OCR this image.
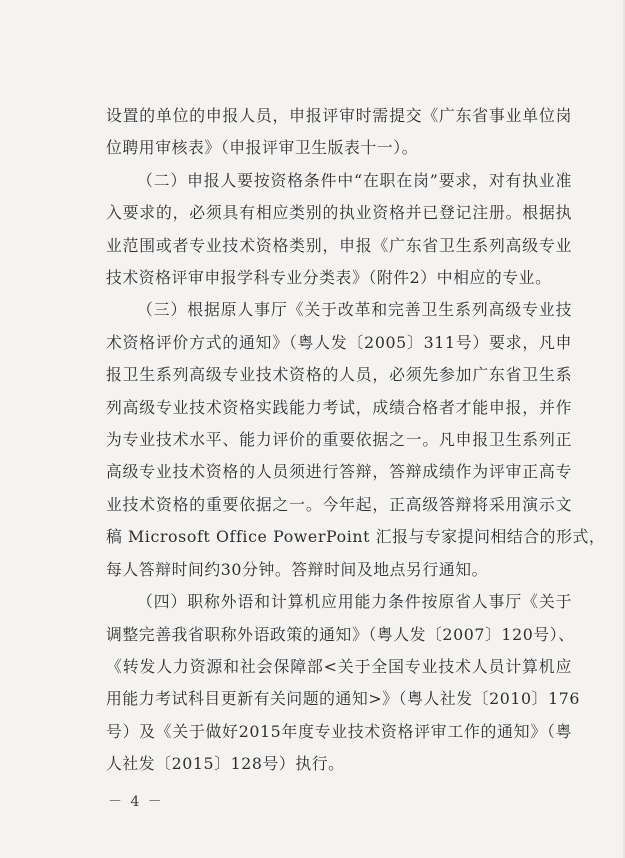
设置的单位的申报人员，申报评审时需提交《广东省事业单位岗
位聘用审核表》（申报评审卫生版表十一）。

（二）申报人要按资格条件中“在职在岗”要求，对有执业准
入要求的，必须具有相应类别的执业资格并已登记注册。根据执
业范围或者专业技术资格类别，申报《广东省卫生系列高级专业
技术资格评审申报学科专业分类表》（附件2）中相应的专业。

（三）根据原人事厅《关于改革和完善卫生系列高级专业技
术资格评价方式的通知》（粤人发〔2005〕311号）要求，凡申
报卫生系列高级专业技术资格的人员，必须先参加广东省卫生系
列高级专业技术资格实践能力考试，成绩合格者才能申报，并作
为专业技术水平、能力评价的重要依据之一。凡申报卫生系列正
高级专业技术资格的人员须进行答辩，答辩成绩作为评审正高专
业技术资格的重要依据之一。今年起，正高级答辩将采用演示文
稿 Microsoft Office PowerPoint 汇报与专家提问相结合的形式，
每人答辩时间约30分钟。答辩时间及地点另行通知。

（四）职称外语和计算机应用能力条件按原省人事厅《关于
调整完善我省职称外语政策的通知》（粤人发〔2007〕120号）、
《转发人力资源和社会保障部<关于全国专业技术人员计算机应
用能力考试科目更新有关问题的通知>》（粤人社发〔2010〕176
号）及《关于做好2015年度专业技术资格评审工作的通知》（粤
人社发〔2015〕128号）执行。

－ 4 －
